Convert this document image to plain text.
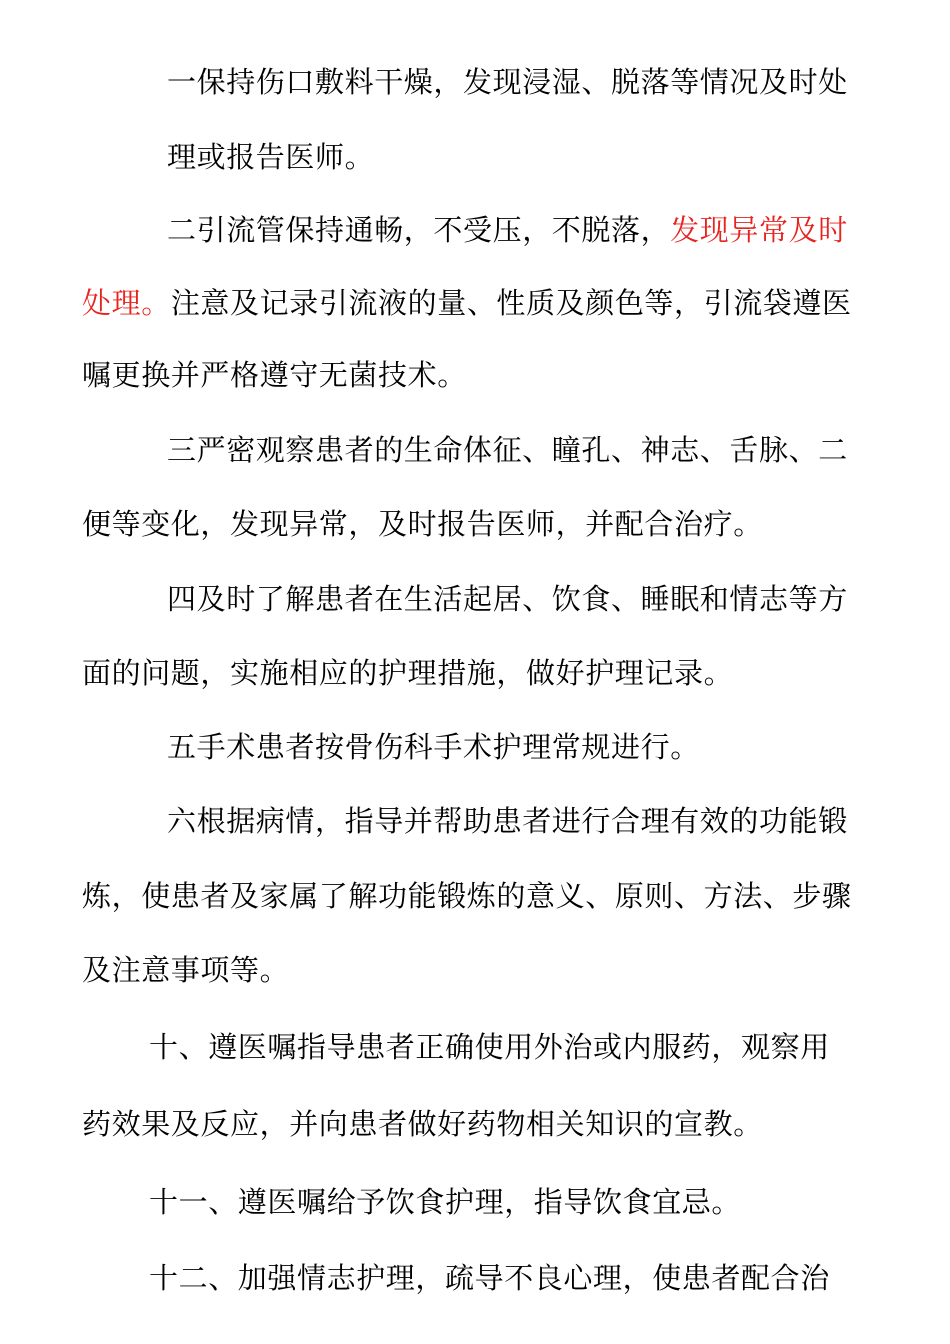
一保持伤口敷料干燥，发现浸湿、脱落等情况及时处
理或报告医师。
二引流管保持通畅，不受压，不脱落，发现异常及时
处理。注意及记录引流液的量、性质及颜色等，引流袋遵医
嘱更换并严格遵守无菌技术。
三严密观察患者的生命体征、瞳孔、神志、舌脉、二
便等变化，发现异常，及时报告医师，并配合治疗。
四及时了解患者在生活起居、饮食、睡眠和情志等方
面的问题，实施相应的护理措施，做好护理记录。
五手术患者按骨伤科手术护理常规进行。
六根据病情，指导并帮助患者进行合理有效的功能锻
炼，使患者及家属了解功能锻炼的意义、原则、方法、步骤
及注意事项等。
十、遵医嘱指导患者正确使用外治或内服药，观察用
药效果及反应，并向患者做好药物相关知识的宣教。
十一、遵医嘱给予饮食护理，指导饮食宜忌。
十二、加强情志护理，疏导不良心理，使患者配合治
